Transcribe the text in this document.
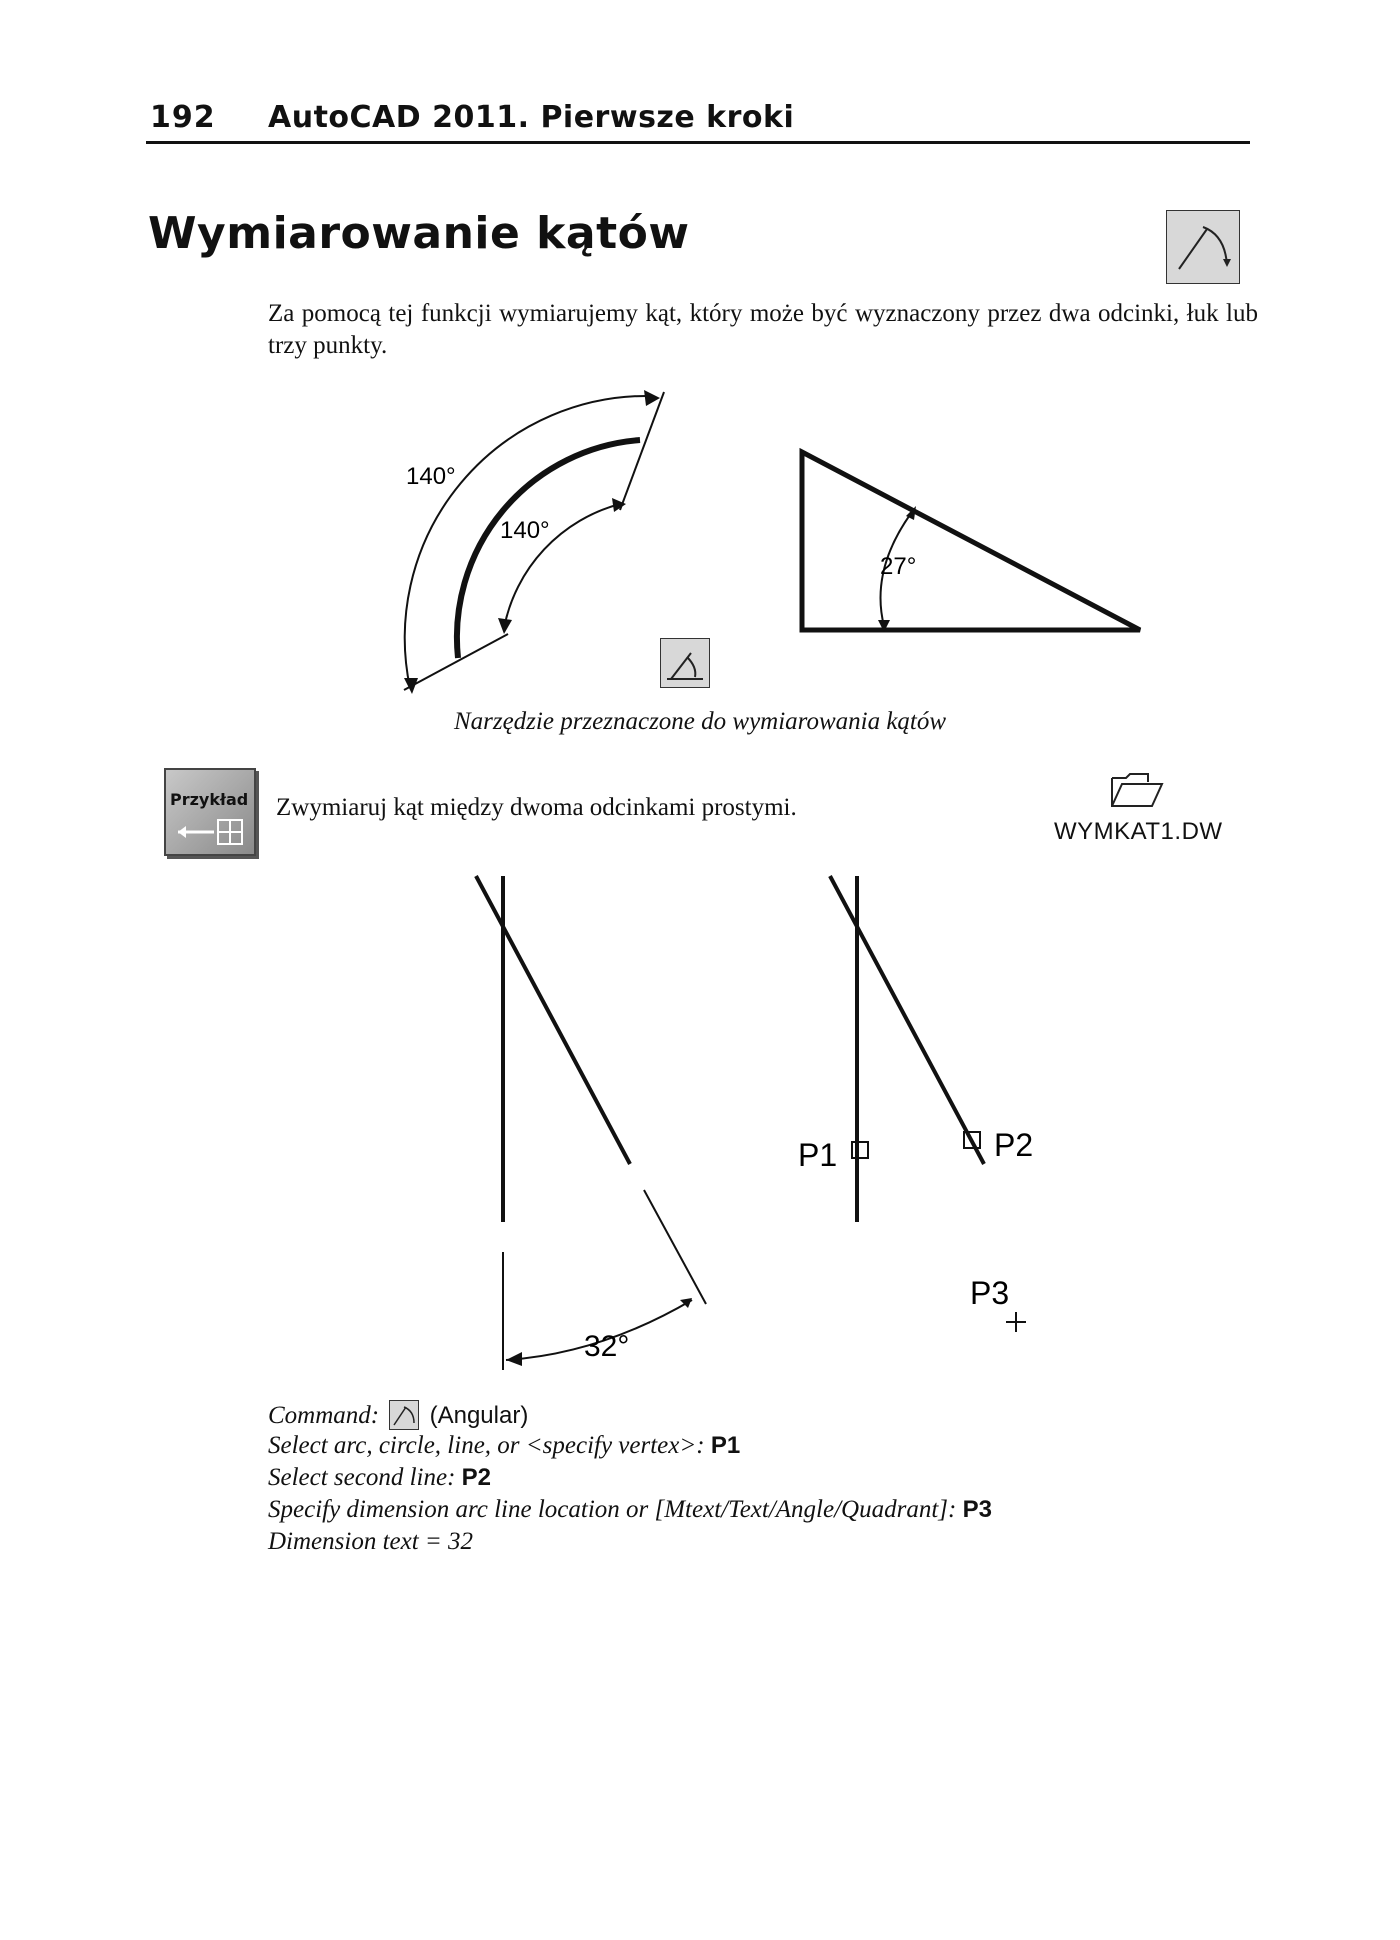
192 AutoCAD 2011. Pierwsze kroki
Wymiarowanie kątów
Za pomocą tej funkcji wymiarujemy kąt, który może być wyznaczony przez dwa odcinki, łuk lub trzy punkty.
140°
140°
27°
32°
P1	P2
P3
Narzędzie przeznaczone do wymiarowania kątów
Przykład Zwymiaruj kąt między dwoma odcinkami prostymi.
WYMKAT1.DW
Command: (Angular)
Select arc, circle, line, or <specify vertex>: P1
Select second line: P2
Specify dimension arc line location or [Mtext/Text/Angle/Quadrant]: P3
Dimension text = 32
